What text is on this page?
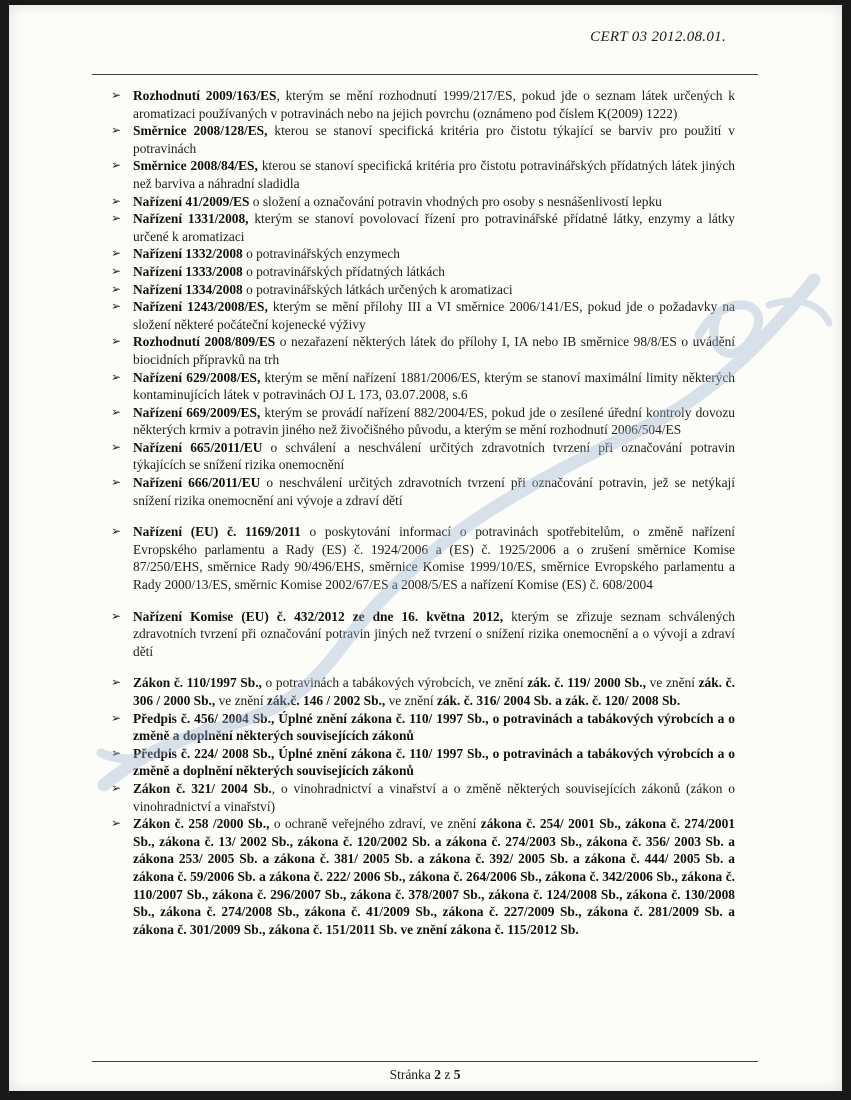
CERT 03 2012.08.01.
➢ Rozhodnutí 2009/163/ES, kterým se mění rozhodnutí 1999/217/ES, pokud jde o seznam látek určených k aromatizaci používaných v potravinách nebo na jejich povrchu (oznámeno pod číslem K(2009) 1222)
➢ Směrnice 2008/128/ES, kterou se stanoví specifická kritéria pro čistotu týkající se barviv pro použití v potravinách
➢ Směrnice 2008/84/ES, kterou se stanoví specifická kritéria pro čistotu potravinářských přídatných látek jiných než barviva a náhradní sladidla
➢ Nařízení 41/2009/ES o složení a označování potravin vhodných pro osoby s nesnášenlivostí lepku
➢ Nařízení 1331/2008, kterým se stanoví povolovací řízení pro potravinářské přídatné látky, enzymy a látky určené k aromatizaci
➢ Nařízení 1332/2008 o potravinářských enzymech
➢ Nařízení 1333/2008 o potravinářských přídatných látkách
➢ Nařízení 1334/2008 o potravinářských látkách určených k aromatizaci
➢ Nařízení 1243/2008/ES, kterým se mění přílohy III a VI směrnice 2006/141/ES, pokud jde o požadavky na složení některé počáteční kojenecké výživy
➢ Rozhodnutí 2008/809/ES o nezařazení některých látek do přílohy I, IA nebo IB směrnice 98/8/ES o uvádění biocidních přípravků na trh
➢ Nařízení 629/2008/ES, kterým se mění nařízení 1881/2006/ES, kterým se stanoví maximální limity některých kontaminujících látek v potravinách OJ L 173, 03.07.2008, s.6
➢ Nařízení 669/2009/ES, kterým se provádí nařízení 882/2004/ES, pokud jde o zesílené úřední kontroly dovozu některých krmiv a potravin jiného než živočišného původu, a kterým se mění rozhodnutí 2006/504/ES
➢ Nařízení 665/2011/EU o schválení a neschválení určitých zdravotních tvrzení při označování potravin týkajících se snížení rizika onemocnění
➢ Nařízení 666/2011/EU o neschválení určitých zdravotních tvrzení při označování potravin, jež se netýkají snížení rizika onemocnění ani vývoje a zdraví dětí
➢ Nařízení (EU) č. 1169/2011 o poskytování informací o potravinách spotřebitelům, o změně nařízení Evropského parlamentu a Rady (ES) č. 1924/2006 a (ES) č. 1925/2006 a o zrušení směrnice Komise 87/250/EHS, směrnice Rady 90/496/EHS, směrnice Komise 1999/10/ES, směrnice Evropského parlamentu a Rady 2000/13/ES, směrnic Komise 2002/67/ES a 2008/5/ES a nařízení Komise (ES) č. 608/2004
➢ Nařízení Komise (EU) č. 432/2012 ze dne 16. května 2012, kterým se zřizuje seznam schválených zdravotních tvrzení při označování potravin jiných než tvrzení o snížení rizika onemocnění a o vývoji a zdraví dětí
➢ Zákon č. 110/1997 Sb., o potravinách a tabákových výrobcích, ve znění zák. č. 119/ 2000 Sb., ve znění zák. č. 306 / 2000 Sb., ve znění zák.č. 146 / 2002 Sb., ve znění zák. č. 316/ 2004 Sb. a zák. č. 120/ 2008 Sb.
➢ Předpis č. 456/ 2004 Sb., Úplné znění zákona č. 110/ 1997 Sb., o potravinách a tabákových výrobcích a o změně a doplnění některých souvisejících zákonů
➢ Předpis č. 224/ 2008 Sb., Úplné znění zákona č. 110/ 1997 Sb., o potravinách a tabákových výrobcích a o změně a doplnění některých souvisejících zákonů
➢ Zákon č. 321/ 2004 Sb., o vinohradnictví a vinařství a o změně některých souvisejících zákonů (zákon o vinohradnictví a vinařství)
➢ Zákon č. 258 /2000 Sb., o ochraně veřejného zdraví, ve znění zákona č. 254/ 2001 Sb., zákona č. 274/2001 Sb., zákona č. 13/ 2002 Sb., zákona č. 120/2002 Sb. a zákona č. 274/2003 Sb., zákona č. 356/ 2003 Sb. a zákona 253/ 2005 Sb. a zákona č. 381/ 2005 Sb. a zákona č. 392/ 2005 Sb. a zákona č. 444/ 2005 Sb. a zákona č. 59/2006 Sb. a zákona č. 222/ 2006 Sb., zákona č. 264/2006 Sb., zákona č. 342/2006 Sb., zákona č. 110/2007 Sb., zákona č. 296/2007 Sb., zákona č. 378/2007 Sb., zákona č. 124/2008 Sb., zákona č. 130/2008 Sb., zákona č. 274/2008 Sb., zákona č. 41/2009 Sb., zákona č. 227/2009 Sb., zákona č. 281/2009 Sb. a zákona č. 301/2009 Sb., zákona č. 151/2011 Sb. ve znění zákona č. 115/2012 Sb.
Stránka 2 z 5
